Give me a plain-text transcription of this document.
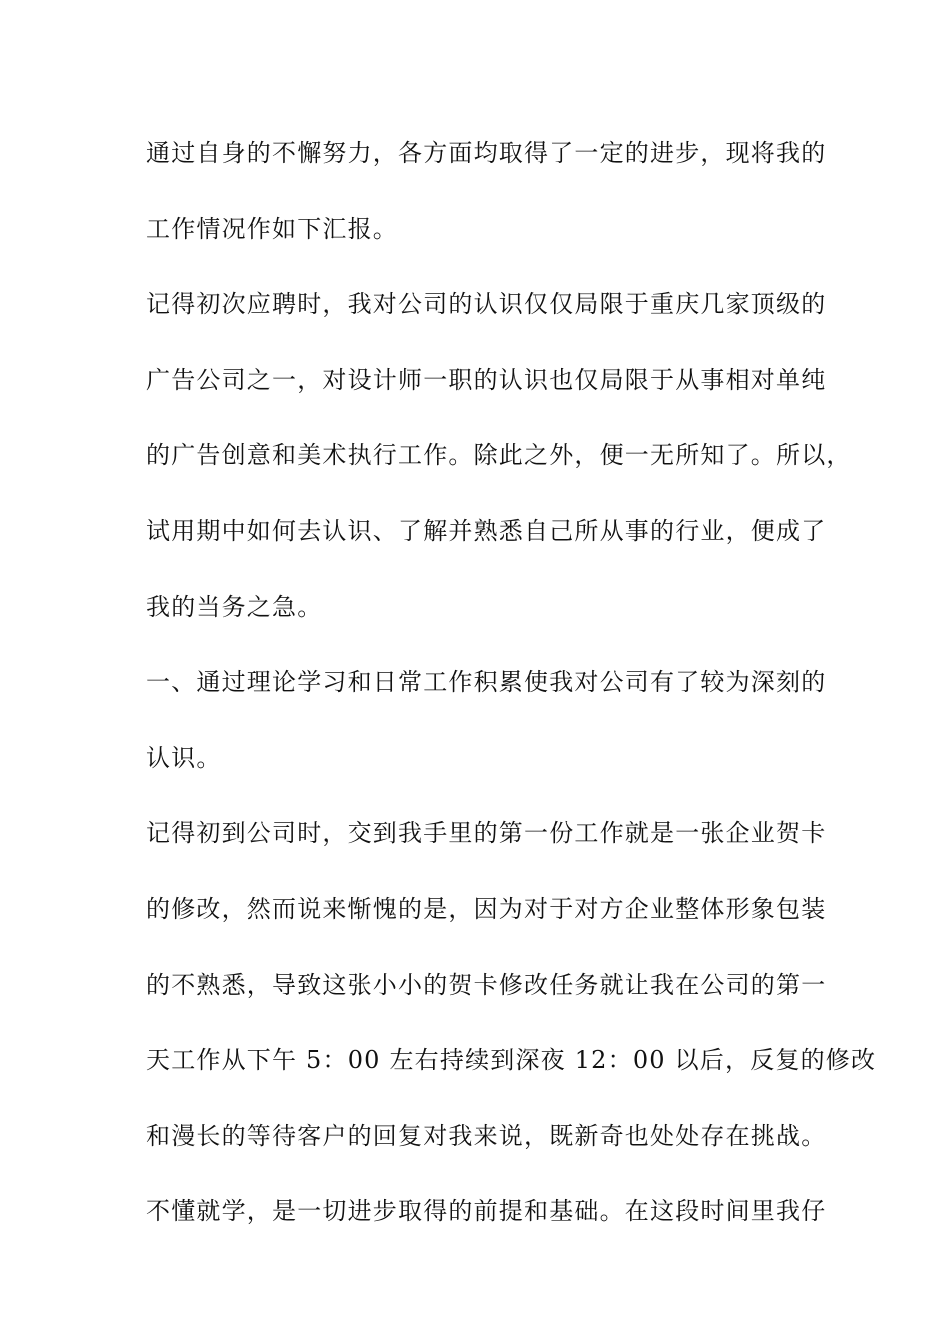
通过自身的不懈努力，各方面均取得了一定的进步，现将我的
工作情况作如下汇报。
记得初次应聘时，我对公司的认识仅仅局限于重庆几家顶级的
广告公司之一，对设计师一职的认识也仅局限于从事相对单纯
的广告创意和美术执行工作。除此之外，便一无所知了。所以，
试用期中如何去认识、了解并熟悉自己所从事的行业，便成了
我的当务之急。
一、通过理论学习和日常工作积累使我对公司有了较为深刻的
认识。
记得初到公司时，交到我手里的第一份工作就是一张企业贺卡
的修改，然而说来惭愧的是，因为对于对方企业整体形象包装
的不熟悉，导致这张小小的贺卡修改任务就让我在公司的第一
天工作从下午 5：00 左右持续到深夜 12：00 以后，反复的修改
和漫长的等待客户的回复对我来说，既新奇也处处存在挑战。
不懂就学，是一切进步取得的前提和基础。在这段时间里我仔
